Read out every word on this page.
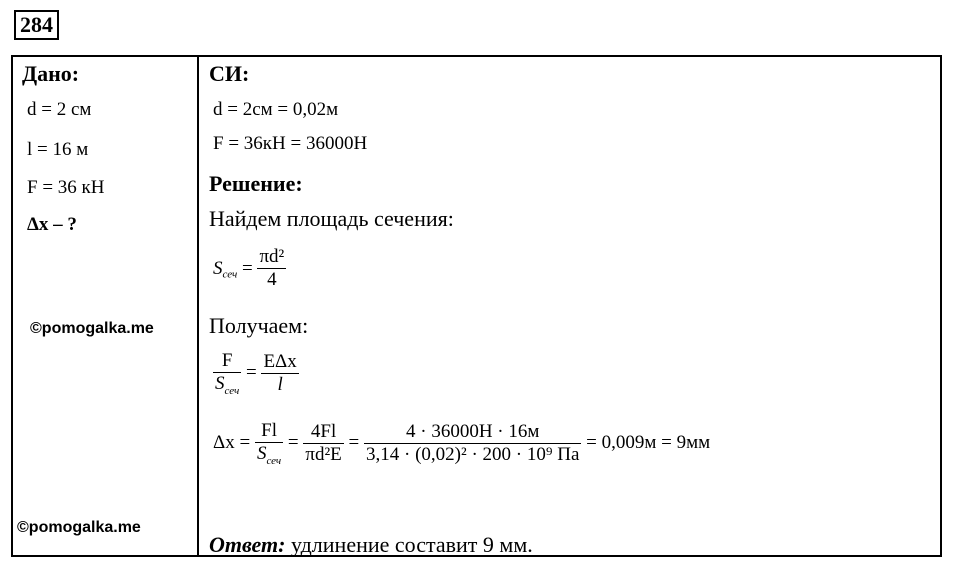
284
Дано:
d = 2 см
l = 16 м
F = 36 кН
Δx – ?
©pomogalka.me
©pomogalka.me
СИ:
d = 2см = 0,02м
F = 36кН = 36000Н
Решение:
Найдем площадь сечения:
$S_{сеч} = \frac{\text{πd²}}{4}$
Получаем:
F
$S_{сеч}$
=
EΔx
l
Δx =
Fl
$S_{сеч}$
= $\frac{4Fl}{\text{πd²E}}$ =
4 · 36000Н · 16м
3,14 · (0,02)² · 200 · 10⁹ Па
= 0,009м = 9мм
Ответ: удлинение составит 9 мм.
